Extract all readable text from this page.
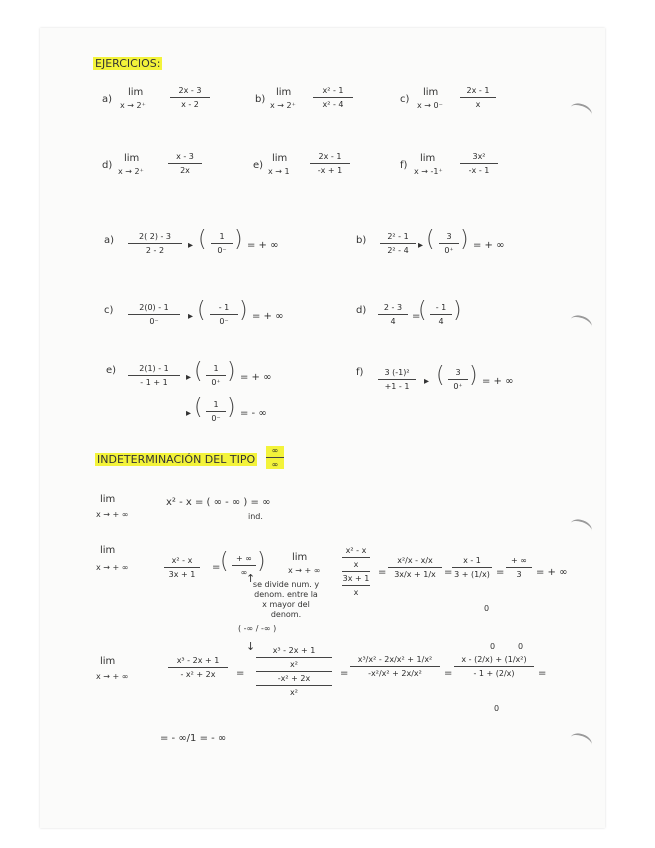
EJERCICIOS:
a)
lim
x → 2⁺
2x - 3
x - 2	b)
lim
x → 2⁺
x² - 1
x² - 4	c)
lim
x → 0⁻
2x - 1
x
d)
lim
x → 2⁺
x - 3
2x	e)
lim
x → 1
2x - 1
-x + 1	f)
lim
x → -1⁺
3x²
-x - 1
a)	2( 2) - 3
2 - 2 ▸ ( 1
0⁻ ) = + ∞	b)	2² - 1
2² - 4 ▸ ( 3
0⁺ ) = + ∞
c)	2(0) - 1
0⁻	▸ ( - 1
0⁻ ) = + ∞
d) 2 - 3
4 =
( - 1
4 )
e)	2(1) - 1
- 1 + 1 ▸ ( 1
0⁺ ) = + ∞
▸ ( 1
0⁻ ) = - ∞
f)	3 (-1)²
+1 - 1 ▸ ( 3
0⁺ ) = + ∞
INDETERMINACIÓN DEL TIPO
∞
∞
lim
x → + ∞
x² - x = ( ∞ - ∞ ) = ∞
ind.
lim
x → + ∞
x² - x
3x + 1
= ( + ∞
∞ )
↑
lim
x → + ∞
x² - x
x
3x + 1
x
se divide num. y denom. entre la x mayor del denom.
=
x²/x - x/x
3x/x + 1/x =
x - 1
3 + (1/x)
0
=
+ ∞
3 = + ∞
( -∞ / -∞ )
↓
lim
x → + ∞
x³ - 2x + 1
- x² + 2x =
x³ - 2x + 1
x²
-x² + 2x
x²
=
x³/x² - 2x/x² + 1/x²
-x²/x² + 2x/x² =
x - (2/x) + (1/x²)
- 1 + (2/x)
0	0
0
=
= - ∞/1 = - ∞
